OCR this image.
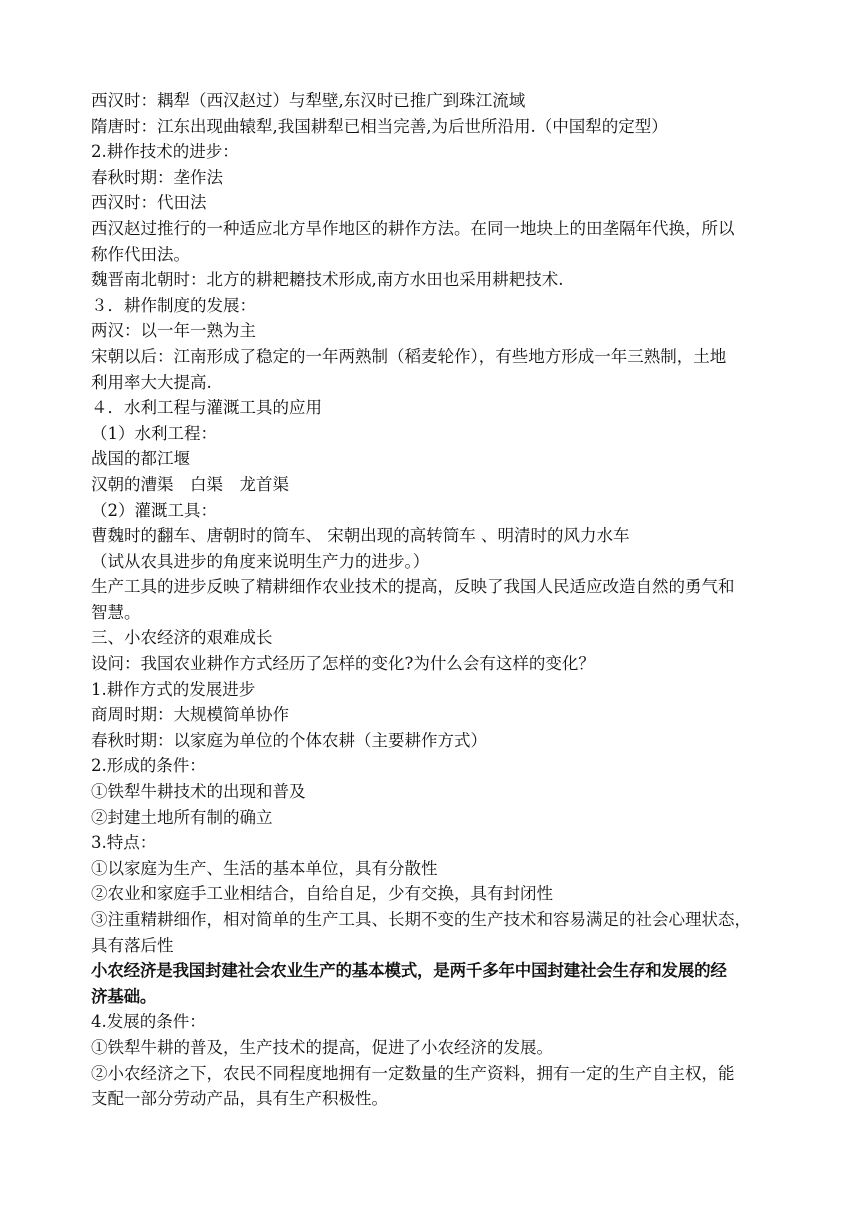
西汉时：耦犁（西汉赵过）与犁壁,东汉时已推广到珠江流域
隋唐时：江东出现曲辕犁,我国耕犁已相当完善,为后世所沿用.（中国犁的定型）
2.耕作技术的进步：
春秋时期：垄作法
西汉时：代田法
西汉赵过推行的一种适应北方旱作地区的耕作方法。在同一地块上的田垄隔年代换，所以
称作代田法。
魏晋南北朝时：北方的耕耙耱技术形成,南方水田也采用耕耙技术.
３．耕作制度的发展：
两汉：以一年一熟为主
宋朝以后：江南形成了稳定的一年两熟制（稻麦轮作），有些地方形成一年三熟制，土地
利用率大大提高.
４．水利工程与灌溉工具的应用
（1）水利工程：
战国的都江堰
汉朝的漕渠　白渠　龙首渠
（2）灌溉工具：
曹魏时的翻车、唐朝时的筒车、 宋朝出现的高转筒车 、明清时的风力水车
（试从农具进步的角度来说明生产力的进步。）
生产工具的进步反映了精耕细作农业技术的提高，反映了我国人民适应改造自然的勇气和
智慧。
三、小农经济的艰难成长
设问：我国农业耕作方式经历了怎样的变化?为什么会有这样的变化？
1.耕作方式的发展进步
商周时期：大规模简单协作
春秋时期：以家庭为单位的个体农耕（主要耕作方式）
2.形成的条件：
①铁犁牛耕技术的出现和普及
②封建土地所有制的确立
3.特点：
①以家庭为生产、生活的基本单位，具有分散性
②农业和家庭手工业相结合，自给自足，少有交换，具有封闭性
③注重精耕细作，相对简单的生产工具、长期不变的生产技术和容易满足的社会心理状态，
具有落后性
小农经济是我国封建社会农业生产的基本模式，是两千多年中国封建社会生存和发展的经
济基础。
4.发展的条件：
①铁犁牛耕的普及，生产技术的提高，促进了小农经济的发展。
②小农经济之下，农民不同程度地拥有一定数量的生产资料，拥有一定的生产自主权，能
支配一部分劳动产品，具有生产积极性。
